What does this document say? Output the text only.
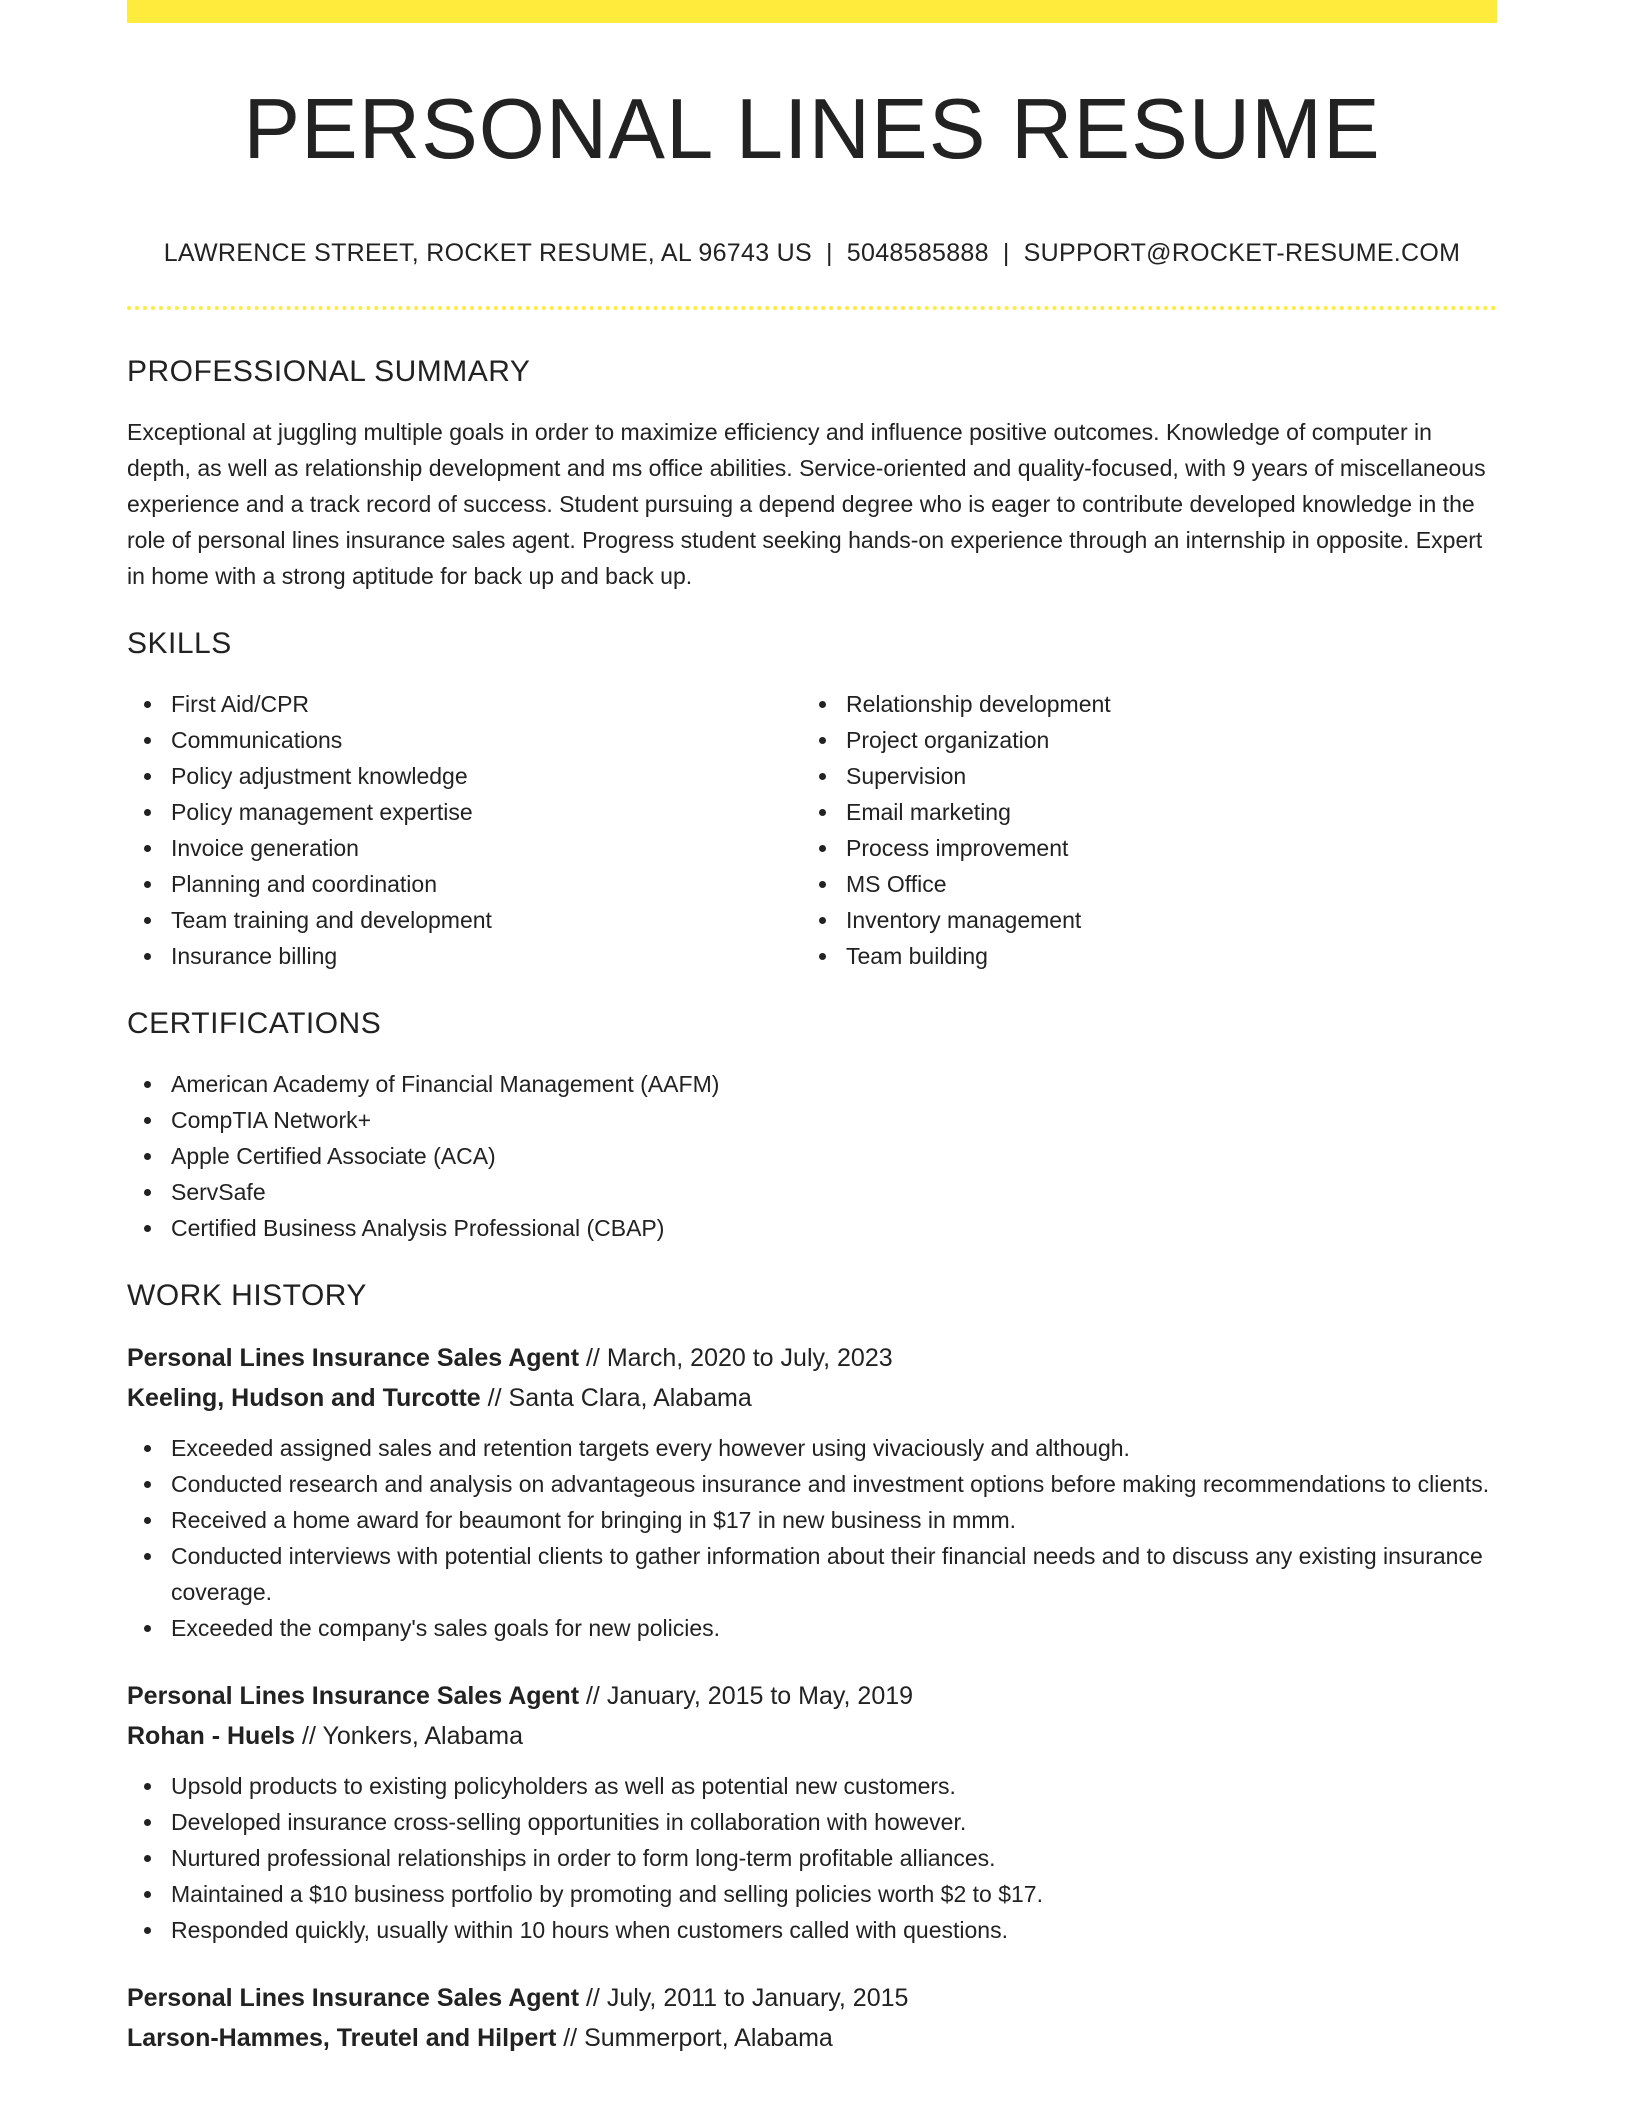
PERSONAL LINES RESUME
LAWRENCE STREET, ROCKET RESUME, AL 96743 US | 5048585888 | SUPPORT@ROCKET-RESUME.COM
PROFESSIONAL SUMMARY

Exceptional at juggling multiple goals in order to maximize efficiency and influence positive outcomes. Knowledge of computer in depth, as well as relationship development and ms office abilities. Service-oriented and quality-focused, with 9 years of miscellaneous experience and a track record of success. Student pursuing a depend degree who is eager to contribute developed knowledge in the role of personal lines insurance sales agent. Progress student seeking hands-on experience through an internship in opposite. Expert in home with a strong aptitude for back up and back up.

SKILLS
First Aid/CPR
Communications
Policy adjustment knowledge
Policy management expertise
Invoice generation
Planning and coordination
Team training and development
Insurance billing
Relationship development
Project organization
Supervision
Email marketing
Process improvement
MS Office
Inventory management
Team building
CERTIFICATIONS
American Academy of Financial Management (AAFM)
CompTIA Network+
Apple Certified Associate (ACA)
ServSafe
Certified Business Analysis Professional (CBAP)
WORK HISTORY
Personal Lines Insurance Sales Agent // March, 2020 to July, 2023
Keeling, Hudson and Turcotte // Santa Clara, Alabama
Exceeded assigned sales and retention targets every however using vivaciously and although.
Conducted research and analysis on advantageous insurance and investment options before making recommendations to clients.
Received a home award for beaumont for bringing in $17 in new business in mmm.
Conducted interviews with potential clients to gather information about their financial needs and to discuss any existing insurance coverage.
Exceeded the company's sales goals for new policies.
Personal Lines Insurance Sales Agent // January, 2015 to May, 2019
Rohan - Huels // Yonkers, Alabama
Upsold products to existing policyholders as well as potential new customers.
Developed insurance cross-selling opportunities in collaboration with however.
Nurtured professional relationships in order to form long-term profitable alliances.
Maintained a $10 business portfolio by promoting and selling policies worth $2 to $17.
Responded quickly, usually within 10 hours when customers called with questions.
Personal Lines Insurance Sales Agent // July, 2011 to January, 2015
Larson-Hammes, Treutel and Hilpert // Summerport, Alabama
